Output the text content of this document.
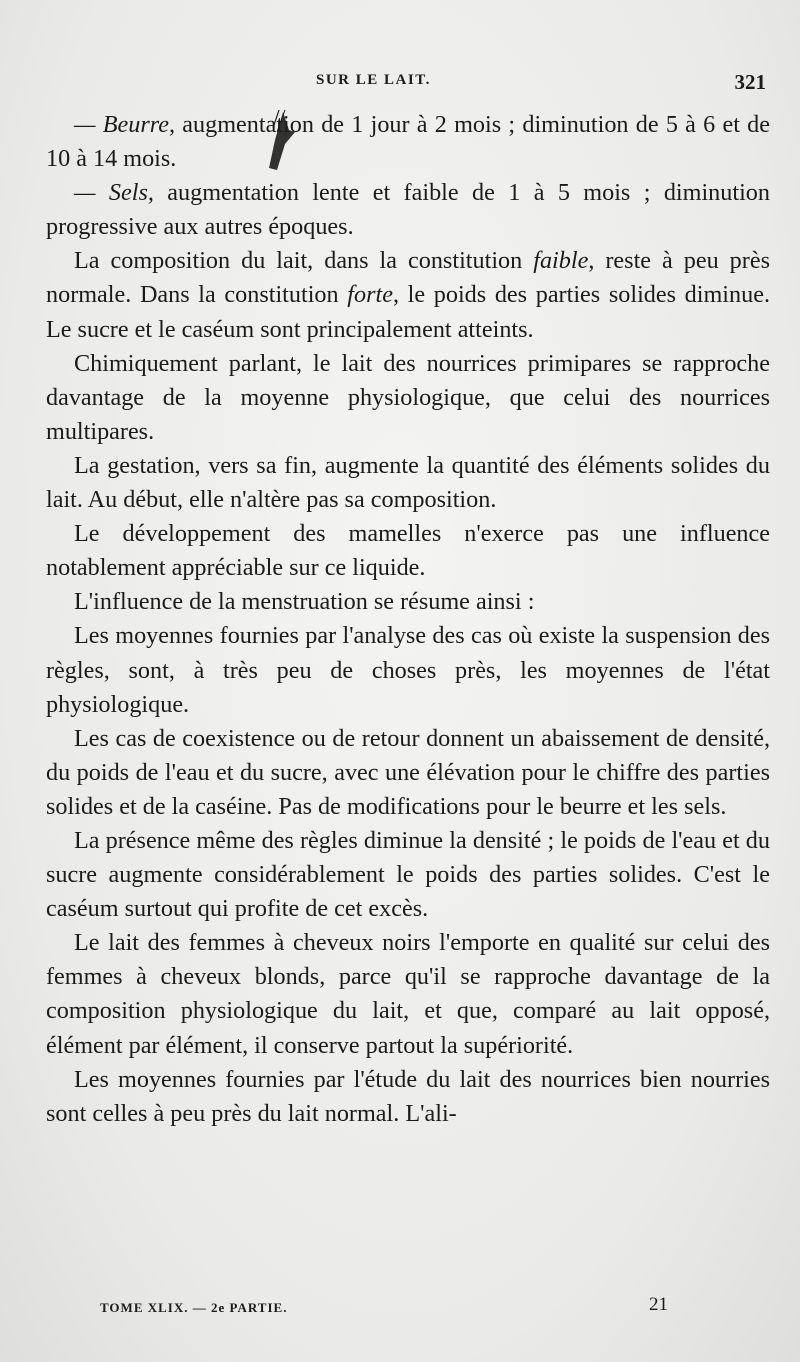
SUR LE LAIT.	321

— Beurre, augmentation de 1 jour à 2 mois ; diminution de 5 à 6 et de 10 à 14 mois.

— Sels, augmentation lente et faible de 1 à 5 mois ; diminution progressive aux autres époques.

La composition du lait, dans la constitution faible, reste à peu près normale. Dans la constitution forte, le poids des parties solides diminue. Le sucre et le caséum sont principalement atteints.

Chimiquement parlant, le lait des nourrices primipares se rapproche davantage de la moyenne physiologique, que celui des nourrices multipares.

La gestation, vers sa fin, augmente la quantité des éléments solides du lait. Au début, elle n'altère pas sa composition.

Le développement des mamelles n'exerce pas une influence notablement appréciable sur ce liquide.

L'influence de la menstruation se résume ainsi :

Les moyennes fournies par l'analyse des cas où existe la suspension des règles, sont, à très peu de choses près, les moyennes de l'état physiologique.

Les cas de coexistence ou de retour donnent un abaissement de densité, du poids de l'eau et du sucre, avec une élévation pour le chiffre des parties solides et de la caséine. Pas de modifications pour le beurre et les sels.

La présence même des règles diminue la densité ; le poids de l'eau et du sucre augmente considérablement le poids des parties solides. C'est le caséum surtout qui profite de cet excès.

Le lait des femmes à cheveux noirs l'emporte en qualité sur celui des femmes à cheveux blonds, parce qu'il se rapproche davantage de la composition physiologique du lait, et que, comparé au lait opposé, élément par élément, il conserve partout la supériorité.

Les moyennes fournies par l'étude du lait des nourrices bien nourries sont celles à peu près du lait normal. L'ali-

TOME XLIX. — 2e PARTIE.	21
